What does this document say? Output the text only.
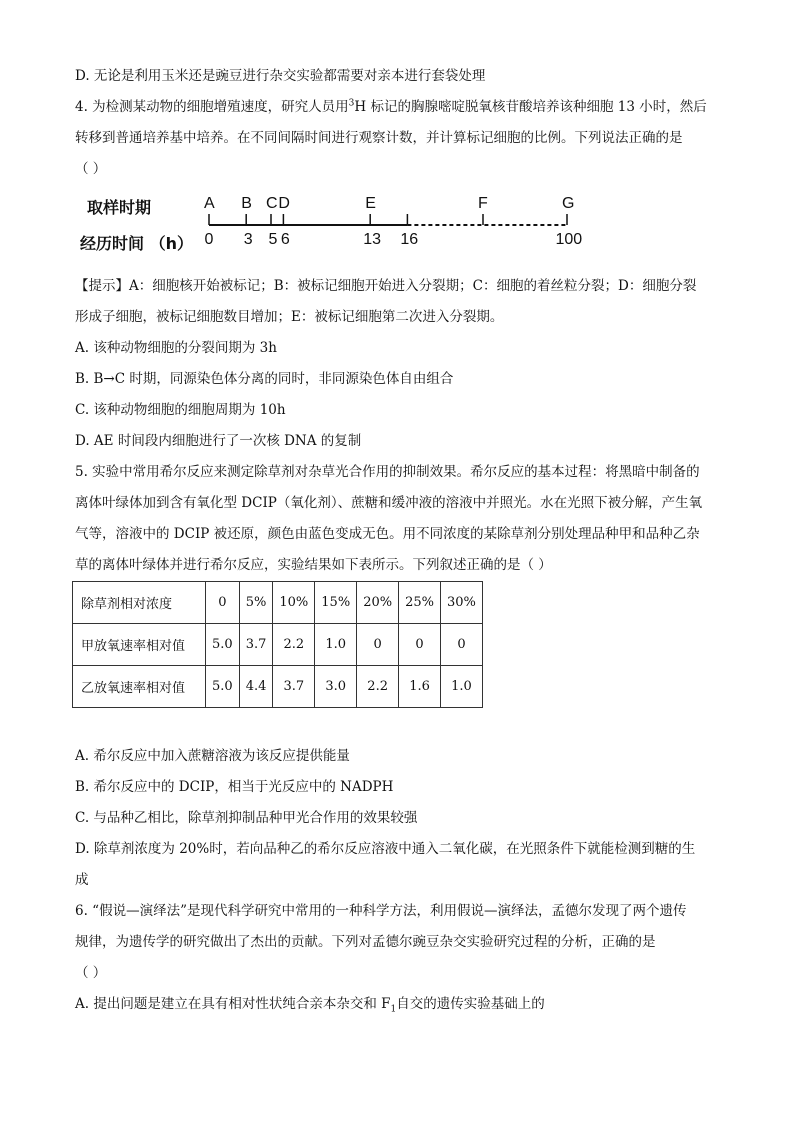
D. 无论是利用玉米还是豌豆进行杂交实验都需要对亲本进行套袋处理
4. 为检测某动物的细胞增殖速度，研究人员用$^3$H 标记的胸腺嘧啶脱氧核苷酸培养该种细胞 13 小时，然后
转移到普通培养基中培养。在不同间隔时间进行观察计数，并计算标记细胞的比例。下列说法正确的是
（ ）
取样时期
经历时间 （h）
A
0
B
3
C
5
D
6
E
13 16
F	G
100
【提示】A：细胞核开始被标记；B：被标记细胞开始进入分裂期；C：细胞的着丝粒分裂；D：细胞分裂
形成子细胞，被标记细胞数目增加；E：被标记细胞第二次进入分裂期。
A. 该种动物细胞的分裂间期为 3h
B. B→C 时期，同源染色体分离的同时，非同源染色体自由组合
C. 该种动物细胞的细胞周期为 10h
D. AE 时间段内细胞进行了一次核 DNA 的复制
5. 实验中常用希尔反应来测定除草剂对杂草光合作用的抑制效果。希尔反应的基本过程：将黑暗中制备的
离体叶绿体加到含有氧化型 DCIP（氧化剂）、蔗糖和缓冲液的溶液中并照光。水在光照下被分解，产生氧
气等，溶液中的 DCIP 被还原，颜色由蓝色变成无色。用不同浓度的某除草剂分别处理品种甲和品种乙杂
草的离体叶绿体并进行希尔反应，实验结果如下表所示。下列叙述正确的是（ ）
除草剂相对浓度	0	5%	10%	15%	20%	25%	30%
甲放氧速率相对值	5.0	3.7	2.2	1.0	0	0	0
乙放氧速率相对值	5.0	4.4	3.7	3.0	2.2	1.6	1.0
A. 希尔反应中加入蔗糖溶液为该反应提供能量
B. 希尔反应中的 DCIP，相当于光反应中的 NADPH
C. 与品种乙相比，除草剂抑制品种甲光合作用的效果较强
D. 除草剂浓度为 20%时，若向品种乙的希尔反应溶液中通入二氧化碳，在光照条件下就能检测到糖的生
成
6. “假说—演绎法”是现代科学研究中常用的一种科学方法，利用假说—演绎法，孟德尔发现了两个遗传
规律，为遗传学的研究做出了杰出的贡献。下列对孟德尔豌豆杂交实验研究过程的分析，正确的是
（ ）
A. 提出问题是建立在具有相对性状纯合亲本杂交和 $F_1$自交的遗传实验基础上的
